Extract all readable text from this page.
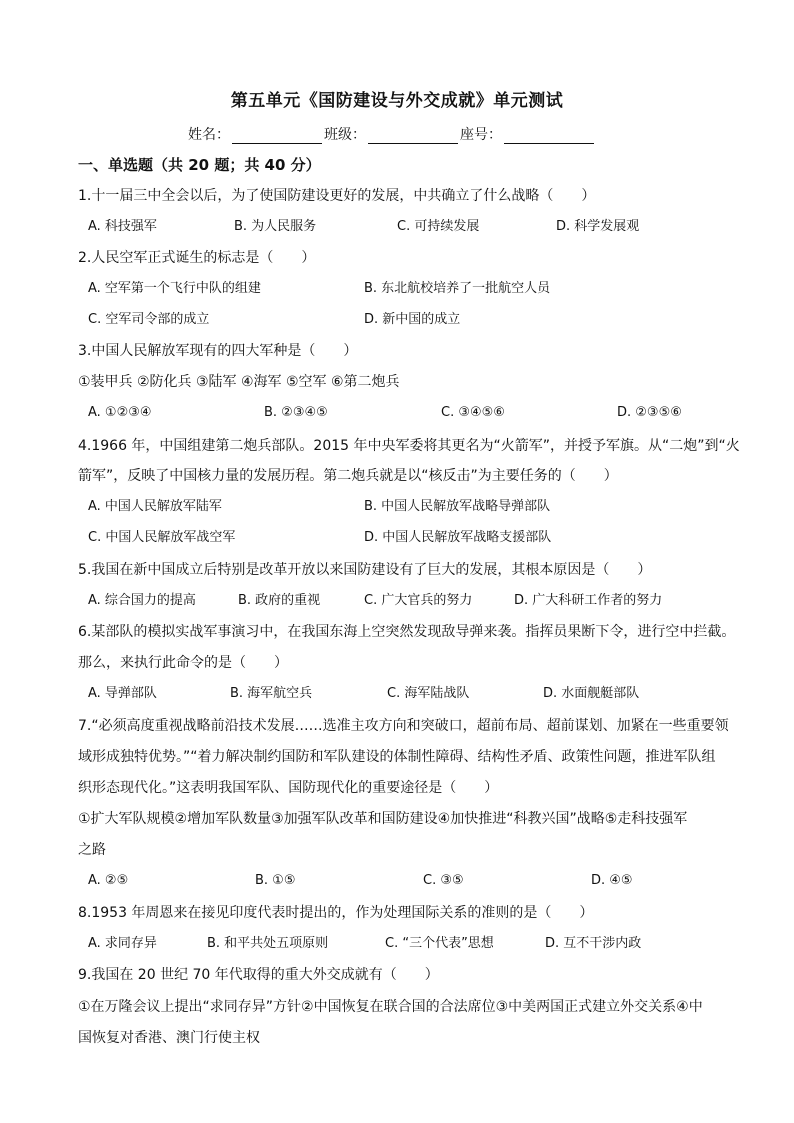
第五单元《国防建设与外交成就》单元测试
姓名：	班级：	座号：
一、单选题（共 20 题；共 40 分）
1.十一届三中全会以后，为了使国防建设更好的发展，中共确立了什么战略（　　）
A. 科技强军	B. 为人民服务	C. 可持续发展	D. 科学发展观
2.人民空军正式诞生的标志是（　　）
A. 空军第一个飞行中队的组建	B. 东北航校培养了一批航空人员
C. 空军司令部的成立	D. 新中国的成立
3.中国人民解放军现有的四大军种是（　　）
①装甲兵 ②防化兵 ③陆军 ④海军 ⑤空军 ⑥第二炮兵
A. ①②③④	B. ②③④⑤	C. ③④⑤⑥	D. ②③⑤⑥
4.1966 年，中国组建第二炮兵部队。2015 年中央军委将其更名为“火箭军”，并授予军旗。从“二炮”到“火
箭军”，反映了中国核力量的发展历程。第二炮兵就是以“核反击”为主要任务的（　　）
A. 中国人民解放军陆军	B. 中国人民解放军战略导弹部队
C. 中国人民解放军战空军	D. 中国人民解放军战略支援部队
5.我国在新中国成立后特别是改革开放以来国防建设有了巨大的发展，其根本原因是（　　）
A. 综合国力的提高	B. 政府的重视	C. 广大官兵的努力	D. 广大科研工作者的努力
6.某部队的模拟实战军事演习中，在我国东海上空突然发现敌导弹来袭。指挥员果断下令，进行空中拦截。
那么，来执行此命令的是（　　）
A. 导弹部队	B. 海军航空兵	C. 海军陆战队	D. 水面舰艇部队
7.“必须高度重视战略前沿技术发展……选准主攻方向和突破口，超前布局、超前谋划、加紧在一些重要领
域形成独特优势。”“着力解决制约国防和军队建设的体制性障碍、结构性矛盾、政策性问题，推进军队组
织形态现代化。”这表明我国军队、国防现代化的重要途径是（　　）
①扩大军队规模②增加军队数量③加强军队改革和国防建设④加快推进“科教兴国”战略⑤走科技强军
之路
A. ②⑤	B. ①⑤	C. ③⑤	D. ④⑤
8.1953 年周恩来在接见印度代表时提出的，作为处理国际关系的准则的是（　　）
A. 求同存异	B. 和平共处五项原则	C. “三个代表”思想	D. 互不干涉内政
9.我国在 20 世纪 70 年代取得的重大外交成就有（　　）
①在万隆会议上提出“求同存异”方针②中国恢复在联合国的合法席位③中美两国正式建立外交关系④中
国恢复对香港、澳门行使主权
